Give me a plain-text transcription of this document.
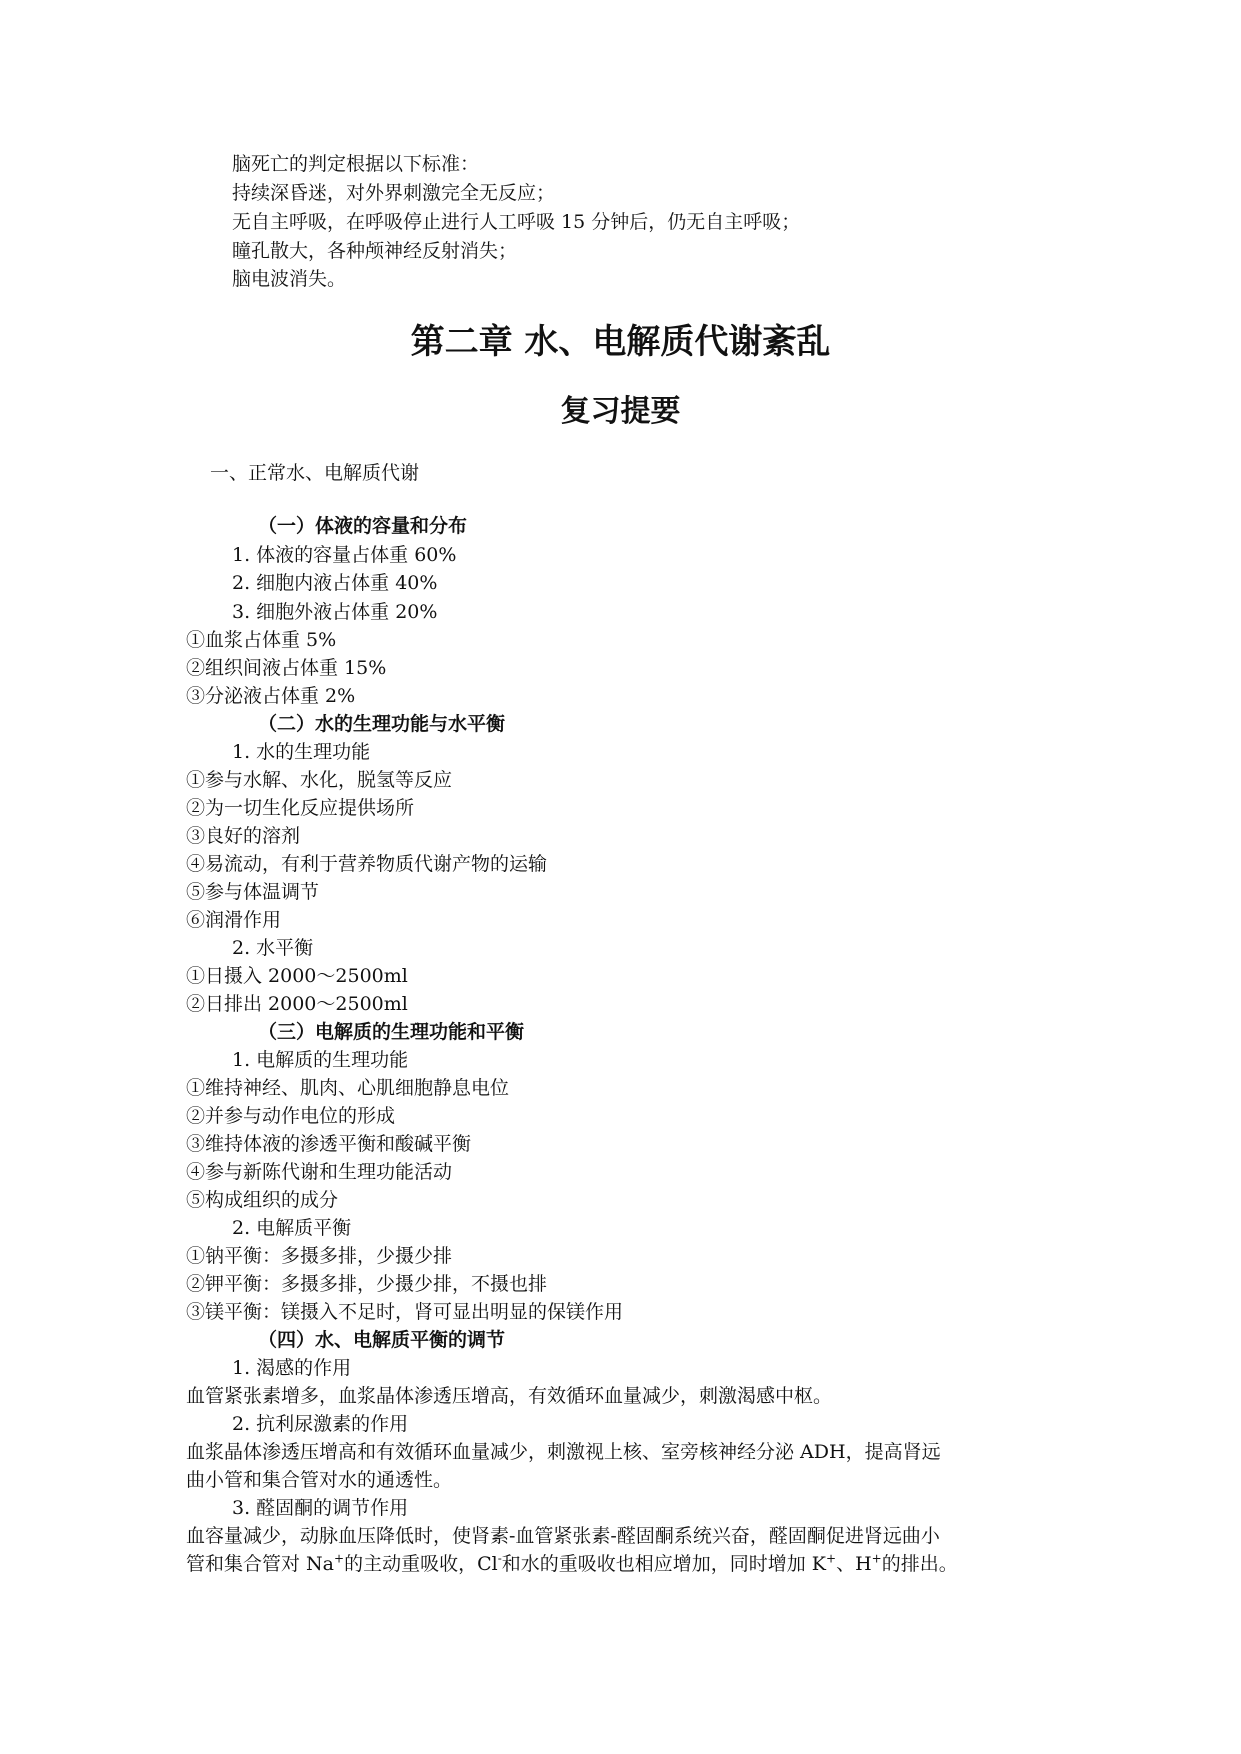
脑死亡的判定根据以下标准：
持续深昏迷，对外界刺激完全无反应；
无自主呼吸，在呼吸停止进行人工呼吸 15 分钟后，仍无自主呼吸；
瞳孔散大，各种颅神经反射消失；
脑电波消失。
第二章 水、电解质代谢紊乱
复习提要
一、正常水、电解质代谢
（一）体液的容量和分布
1. 体液的容量占体重 60%
2. 细胞内液占体重 40%
3. 细胞外液占体重 20%
①血浆占体重 5%
②组织间液占体重 15%
③分泌液占体重 2%
（二）水的生理功能与水平衡
1. 水的生理功能
①参与水解、水化，脱氢等反应
②为一切生化反应提供场所
③良好的溶剂
④易流动，有利于营养物质代谢产物的运输
⑤参与体温调节
⑥润滑作用
2. 水平衡
①日摄入 2000～2500ml
②日排出 2000～2500ml
（三）电解质的生理功能和平衡
1. 电解质的生理功能
①维持神经、肌肉、心肌细胞静息电位
②并参与动作电位的形成
③维持体液的渗透平衡和酸碱平衡
④参与新陈代谢和生理功能活动
⑤构成组织的成分
2. 电解质平衡
①钠平衡：多摄多排，少摄少排
②钾平衡：多摄多排，少摄少排，不摄也排
③镁平衡：镁摄入不足时，肾可显出明显的保镁作用
（四）水、电解质平衡的调节
1. 渴感的作用
血管紧张素增多，血浆晶体渗透压增高，有效循环血量减少，刺激渴感中枢。
2. 抗利尿激素的作用
血浆晶体渗透压增高和有效循环血量减少，刺激视上核、室旁核神经分泌 ADH，提高肾远
曲小管和集合管对水的通透性。
3. 醛固酮的调节作用
血容量减少，动脉血压降低时，使肾素-血管紧张素-醛固酮系统兴奋，醛固酮促进肾远曲小
管和集合管对 Na+的主动重吸收，Cl-和水的重吸收也相应增加，同时增加 K+、H+的排出。
